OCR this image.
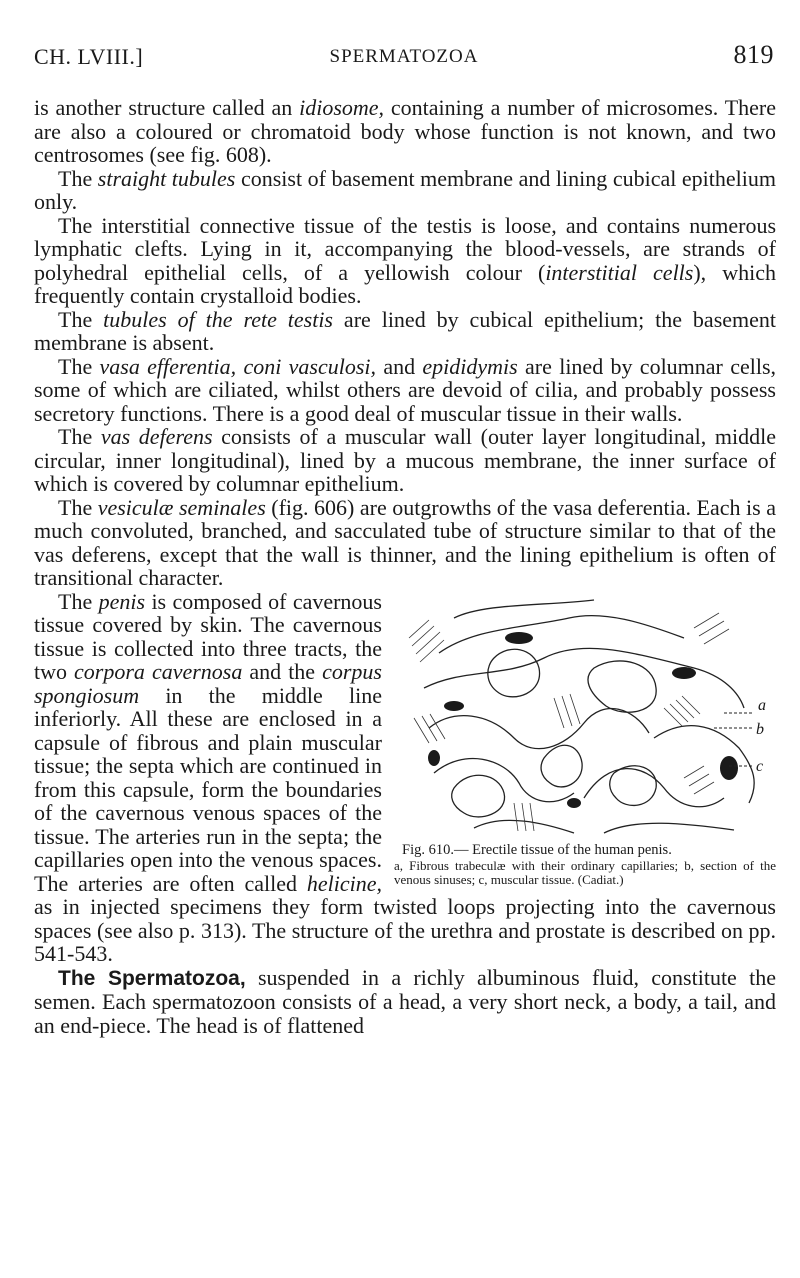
CH. LVIII.]	SPERMATOZOA	819

is another structure called an idiosome, containing a number of microsomes. There are also a coloured or chromatoid body whose function is not known, and two centrosomes (see fig. 608).

The straight tubules consist of basement membrane and lining cubical epithelium only.

The interstitial connective tissue of the testis is loose, and contains numerous lymphatic clefts. Lying in it, accompanying the blood-vessels, are strands of polyhedral epithelial cells, of a yellowish colour (interstitial cells), which frequently contain crystalloid bodies.

The tubules of the rete testis are lined by cubical epithelium; the basement membrane is absent.

The vasa efferentia, coni vasculosi, and epididymis are lined by columnar cells, some of which are ciliated, whilst others are devoid of cilia, and probably possess secretory functions. There is a good deal of muscular tissue in their walls.

The vas deferens consists of a muscular wall (outer layer longitudinal, middle circular, inner longitudinal), lined by a mucous membrane, the inner surface of which is covered by columnar epithelium.

The vesiculæ seminales (fig. 606) are outgrowths of the vasa deferentia. Each is a much convoluted, branched, and sacculated tube of structure similar to that of the vas deferens, except that the wall is thinner, and the lining epithelium is often of transitional character.

a
b
c
Fig. 610.— Erectile tissue of the human penis.
a, Fibrous trabeculæ with their ordinary capillaries; b, section of the venous sinuses; c, muscular tissue. (Cadiat.)

The penis is composed of cavernous tissue covered by skin. The cavernous tissue is collected into three tracts, the two corpora cavernosa and the corpus spongiosum in the middle line inferiorly. All these are enclosed in a capsule of fibrous and plain muscular tissue; the septa which are continued in from this capsule, form the boundaries of the cavernous venous spaces of the tissue. The arteries run in the septa; the capillaries open into the venous spaces. The arteries are often called helicine, as in injected specimens they form twisted loops projecting into the cavernous spaces (see also p. 313). The structure of the urethra and prostate is described on pp. 541-543.

The Spermatozoa, suspended in a richly albuminous fluid, constitute the semen. Each spermatozoon consists of a head, a very short neck, a body, a tail, and an end-piece. The head is of flattened
